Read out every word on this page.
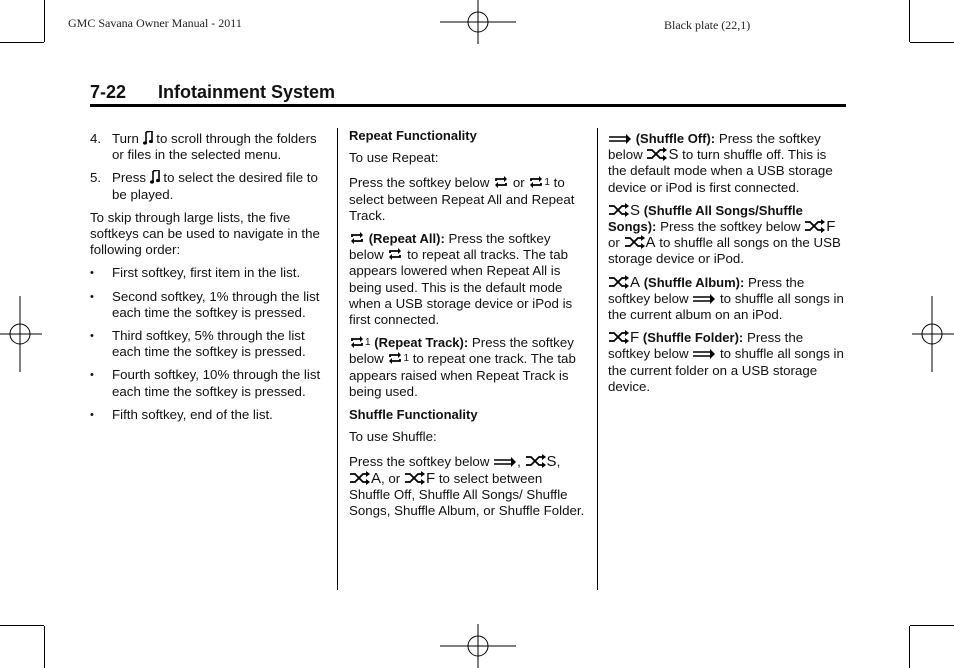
GMC Savana Owner Manual - 2011	Black plate (22,1)
7-22 Infotainment System
4. Turn to scroll through the folders or files in the selected menu.
5. Press to select the desired file to be played.

To skip through large lists, the five softkeys can be used to navigate in the following order:

•	First softkey, first item in the list.
•	Second softkey, 1% through the list each time the softkey is pressed.
•	Third softkey, 5% through the list each time the softkey is pressed.
•	Fourth softkey, 10% through the list each time the softkey is pressed.
•	Fifth softkey, end of the list.
Repeat Functionality

To use Repeat:

Press the softkey below or 1 to select between Repeat All and Repeat Track.

(Repeat All): Press the softkey below to repeat all tracks. The tab appears lowered when Repeat All is being used. This is the default mode when a USB storage device or iPod is first connected.

1 (Repeat Track): Press the softkey below 1 to repeat one track. The tab appears raised when Repeat Track is being used.

Shuffle Functionality

To use Shuffle:

Press the softkey below , S, A, or F to select between Shuffle Off, Shuffle All Songs/ Shuffle Songs, Shuffle Album, or Shuffle Folder.

(Shuffle Off): Press the softkey below S to turn shuffle off. This is the default mode when a USB storage device or iPod is first connected.

S (Shuffle All Songs/Shuffle Songs): Press the softkey below F or A to shuffle all songs on the USB storage device or iPod.

A (Shuffle Album): Press the softkey below to shuffle all songs in the current album on an iPod.

F (Shuffle Folder): Press the softkey below to shuffle all songs in the current folder on a USB storage device.
